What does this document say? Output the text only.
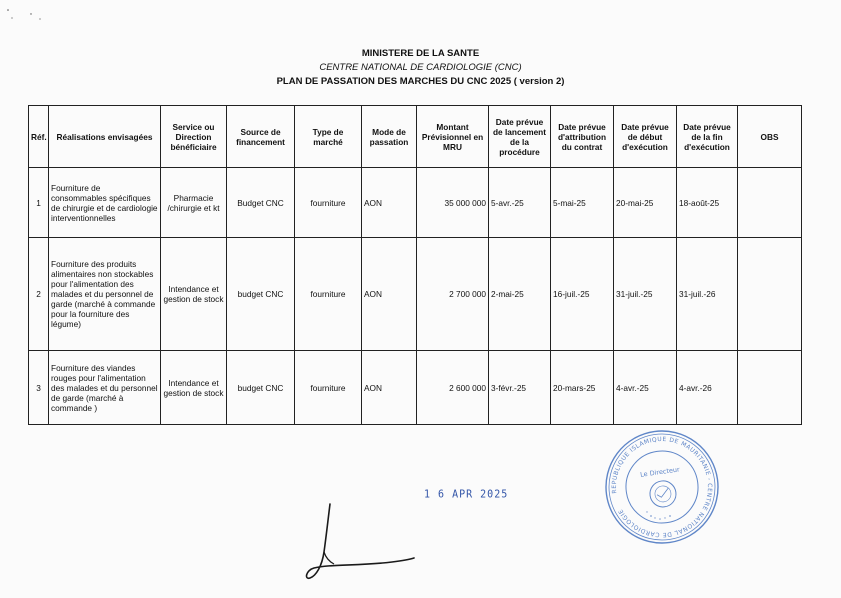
MINISTERE DE LA SANTE
CENTRE NATIONAL DE CARDIOLOGIE (CNC)
PLAN DE PASSATION DES MARCHES DU CNC 2025 ( version 2)
Réf.	Réalisations envisagées	Service ou Direction bénéficiaire	Source de financement	Type de marché	Mode de passation	Montant Prévisionnel en MRU	Date prévue de lancement de la procédure	Date prévue d'attribution du contrat	Date prévue de début d'exécution	Date prévue de la fin d'exécution	OBS
1	Fourniture de consommables spécifiques de chirurgie et de cardiologie interventionnelles	Pharmacie /chirurgie et kt	Budget CNC	fourniture	AON	35 000 000	5-avr.-25	5-mai-25	20-mai-25	18-août-25	
2	Fourniture des produits alimentaires non stockables pour l'alimentation des malades et du personnel de garde (marché à commande pour la fourniture des légume)	Intendance et gestion de stock	budget CNC	fourniture	AON	2 700 000	2-mai-25	16-juil.-25	31-juil.-25	31-juil.-26	
3	Fourniture des viandes rouges pour l'alimentation des malades et du personnel de garde (marché à commande )	Intendance et gestion de stock	budget CNC	fourniture	AON	2 600 000	3-févr.-25	20-mars-25	4-avr.-25	4-avr.-26	
1 6 APR 2025	REPUBLIQUE ISLAMIQUE DE MAURITANIE - CENTRE NATIONAL DE CARDIOLOGIE
Le Directeur
